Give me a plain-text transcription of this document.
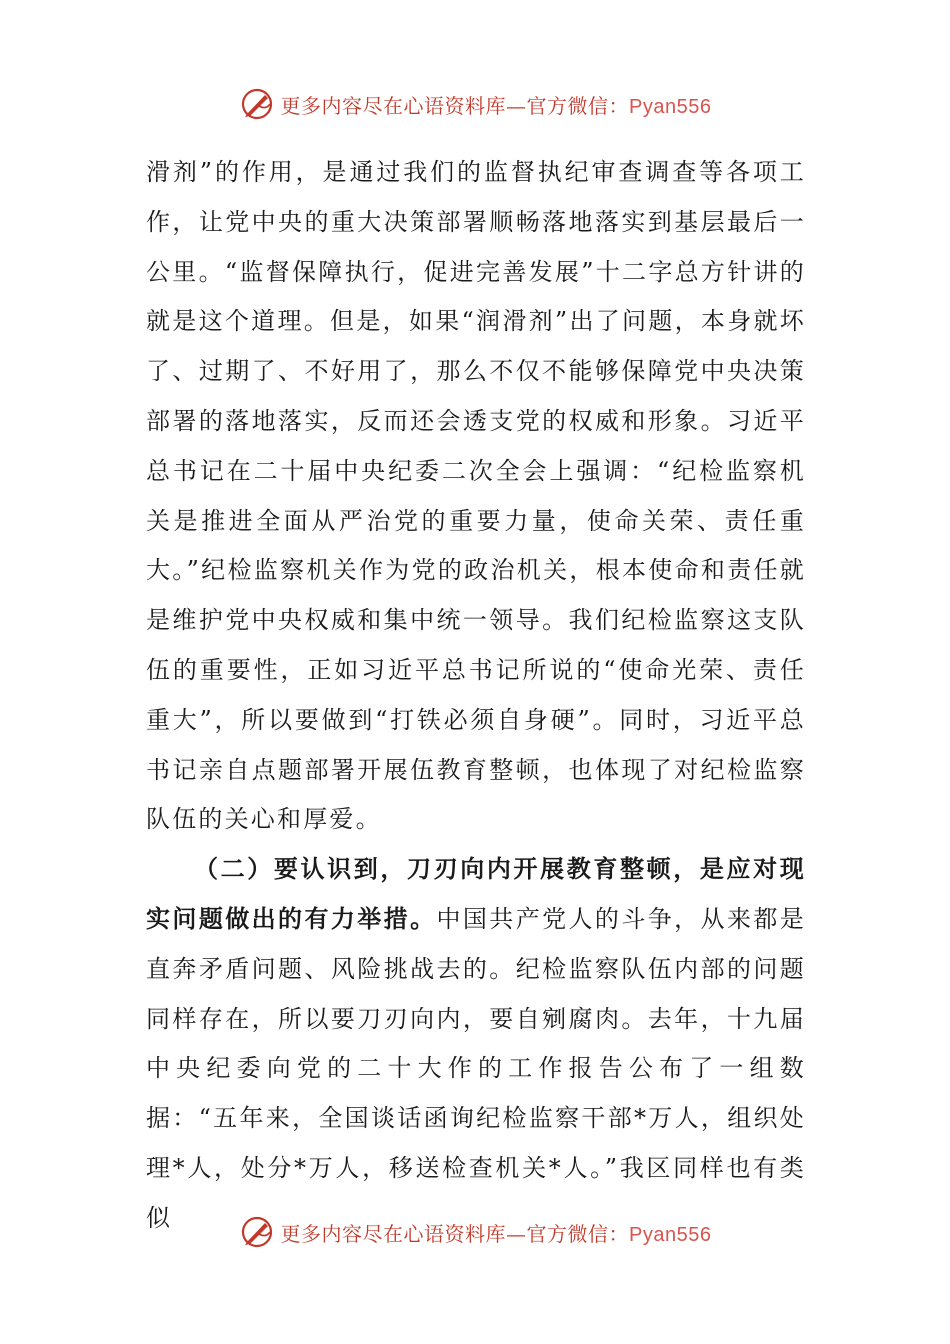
更多内容尽在心语资料库—官方微信：Pyan556

滑剂”的作用，是通过我们的监督执纪审查调查等各项工作，让党中央的重大决策部署顺畅落地落实到基层最后一公里。“监督保障执行，促进完善发展”十二字总方针讲的就是这个道理。但是，如果“润滑剂”出了问题，本身就坏了、过期了、不好用了，那么不仅不能够保障党中央决策部署的落地落实，反而还会透支党的权威和形象。习近平总书记在二十届中央纪委二次全会上强调：“纪检监察机关是推进全面从严治党的重要力量，使命关荣、责任重大。”纪检监察机关作为党的政治机关，根本使命和责任就是维护党中央权威和集中统一领导。我们纪检监察这支队伍的重要性，正如习近平总书记所说的“使命光荣、责任重大”，所以要做到“打铁必须自身硬”。同时，习近平总书记亲自点题部署开展伍教育整顿，也体现了对纪检监察队伍的关心和厚爱。

（二）要认识到，刀刃向内开展教育整顿，是应对现实问题做出的有力举措。中国共产党人的斗争，从来都是直奔矛盾问题、风险挑战去的。纪检监察队伍内部的问题同样存在，所以要刀刃向内，要自剜腐肉。去年，十九届中央纪委向党的二十大作的工作报告公布了一组数据：“五年来，全国谈话函询纪检监察干部*万人，组织处理*人，处分*万人，移送检查机关*人。”我区同样也有类似

更多内容尽在心语资料库—官方微信：Pyan556
